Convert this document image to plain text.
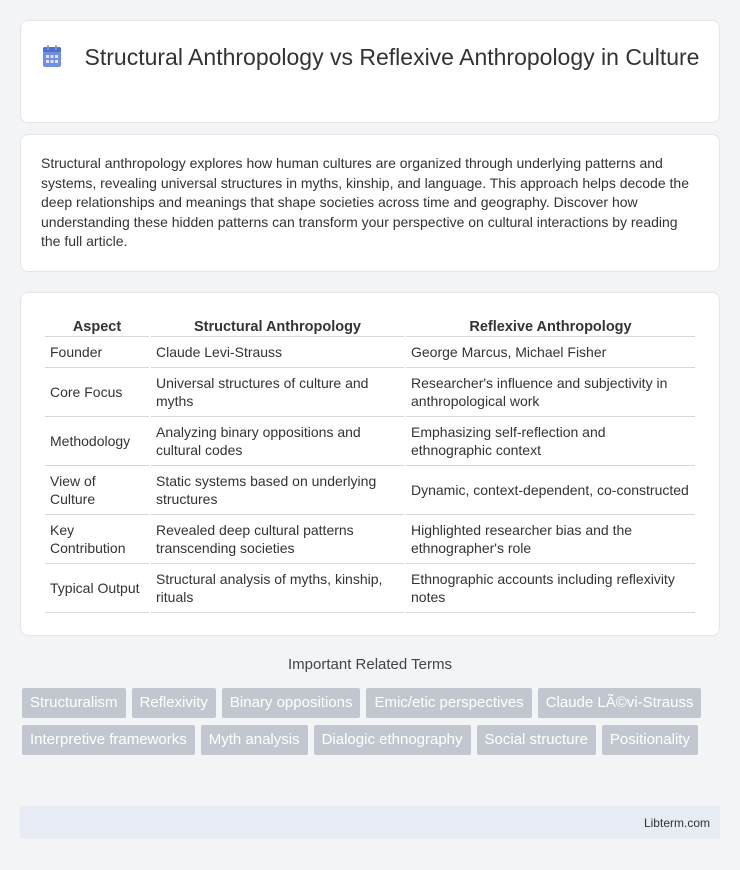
Structural Anthropology vs Reflexive Anthropology in Culture

Structural anthropology explores how human cultures are organized through underlying patterns and systems, revealing universal structures in myths, kinship, and language. This approach helps decode the deep relationships and meanings that shape societies across time and geography. Discover how understanding these hidden patterns can transform your perspective on cultural interactions by reading the full article.

Aspect	Structural Anthropology	Reflexive Anthropology
Founder	Claude Levi-Strauss	George Marcus, Michael Fisher
Core Focus	Universal structures of culture and myths	Researcher's influence and subjectivity in anthropological work
Methodology	Analyzing binary oppositions and cultural codes	Emphasizing self-reflection and ethnographic context
View of Culture	Static systems based on underlying structures	Dynamic, context-dependent, co-constructed
Key Contribution	Revealed deep cultural patterns transcending societies	Highlighted researcher bias and the ethnographer's role
Typical Output	Structural analysis of myths, kinship, rituals	Ethnographic accounts including reflexivity notes
Important Related Terms
Structuralism	Reflexivity	Binary oppositions	Emic/etic perspectives	Claude LÃ©vi-Strauss
Interpretive frameworks	Myth analysis	Dialogic ethnography	Social structure	Positionality
Libterm.com
